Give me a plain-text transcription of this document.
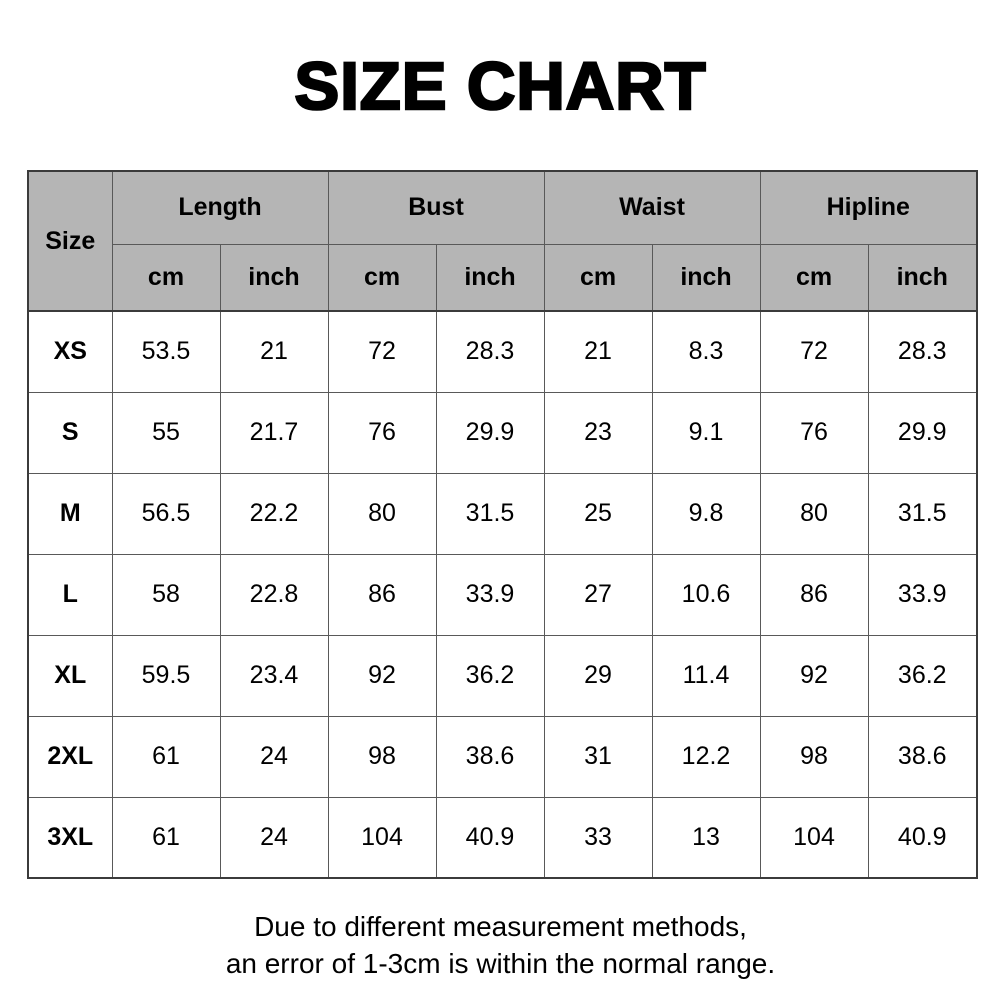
SIZE CHART
Size	Length		Bust		Waist		Hipline	
	cm	inch	cm	inch	cm	inch	cm	inch
XS	53.5	21	72	28.3	21	8.3	72	28.3
S	55	21.7	76	29.9	23	9.1	76	29.9
M	56.5	22.2	80	31.5	25	9.8	80	31.5
L	58	22.8	86	33.9	27	10.6	86	33.9
XL	59.5	23.4	92	36.2	29	11.4	92	36.2
2XL	61	24	98	38.6	31	12.2	98	38.6
3XL	61	24	104	40.9	33	13	104	40.9
Due to different measurement methods,
an error of 1-3cm is within the normal range.
